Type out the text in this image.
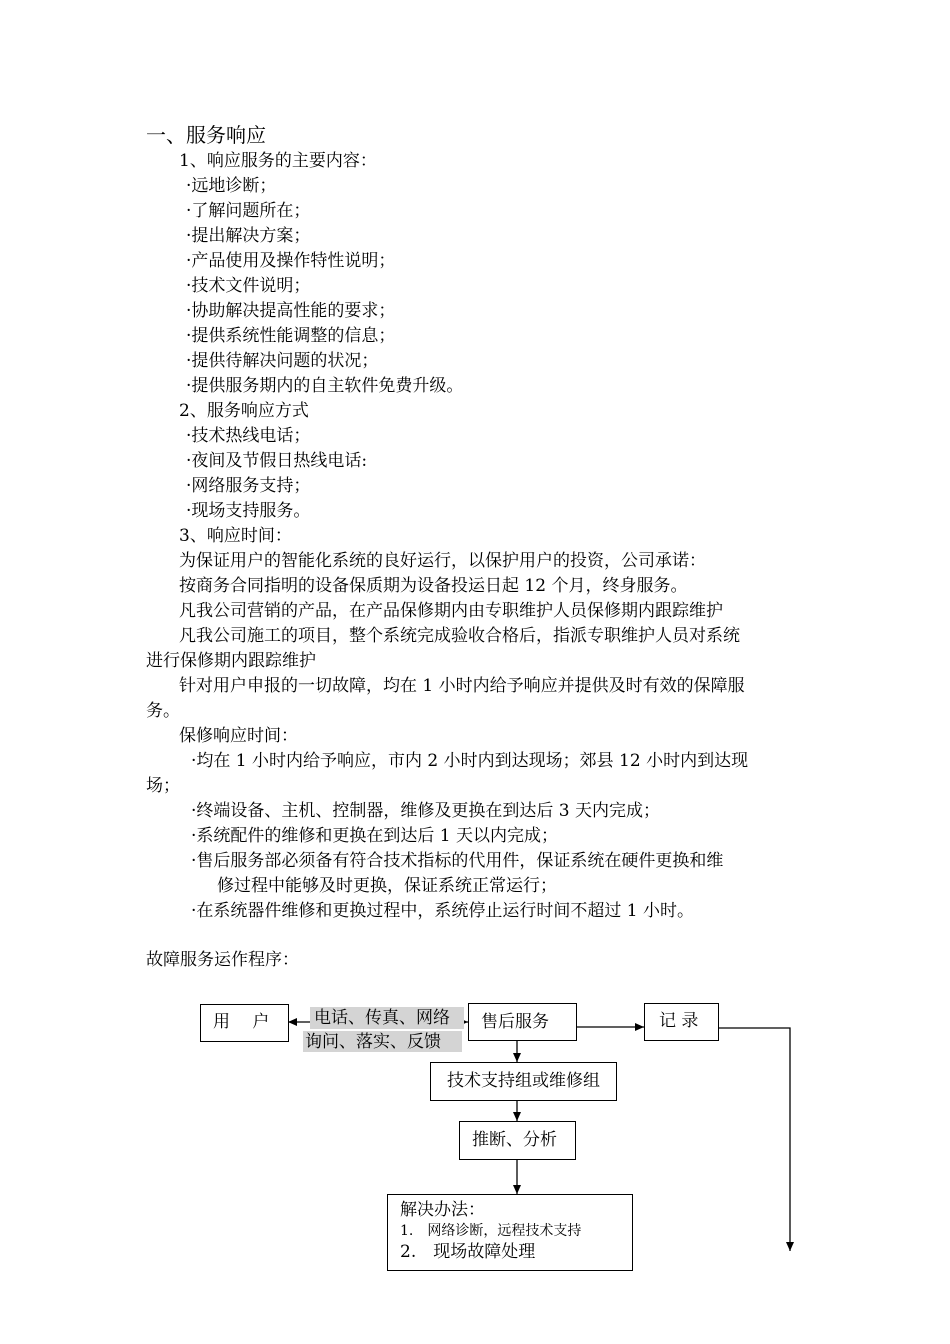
一、服务响应
1、响应服务的主要内容：
·远地诊断；
·了解问题所在；
·提出解决方案；
·产品使用及操作特性说明；
·技术文件说明；
·协助解决提高性能的要求；
·提供系统性能调整的信息；
·提供待解决问题的状况；
·提供服务期内的自主软件免费升级。
2、服务响应方式
·技术热线电话；
·夜间及节假日热线电话:
·网络服务支持；
·现场支持服务。
3、响应时间：
为保证用户的智能化系统的良好运行，以保护用户的投资，公司承诺：
按商务合同指明的设备保质期为设备投运日起 12 个月，终身服务。
凡我公司营销的产品，在产品保修期内由专职维护人员保修期内跟踪维护
凡我公司施工的项目，整个系统完成验收合格后，指派专职维护人员对系统
进行保修期内跟踪维护
针对用户申报的一切故障，均在 1 小时内给予响应并提供及时有效的保障服
务。
保修响应时间：
·均在 1 小时内给予响应，市内 2 小时内到达现场；郊县 12 小时内到达现
场；
·终端设备、主机、控制器，维修及更换在到达后 3 天内完成；
·系统配件的维修和更换在到达后 1 天以内完成；
·售后服务部必须备有符合技术指标的代用件，保证系统在硬件更换和维
修过程中能够及时更换，保证系统正常运行；
·在系统器件维修和更换过程中，系统停止运行时间不超过 1 小时。
故障服务运作程序：
用　 户	电话、传真、网络
询问、落实、反馈
售后服务	记 录
技术支持组或维修组
推断、分析
解决办法：
1.　网络诊断，远程技术支持
2.　现场故障处理
